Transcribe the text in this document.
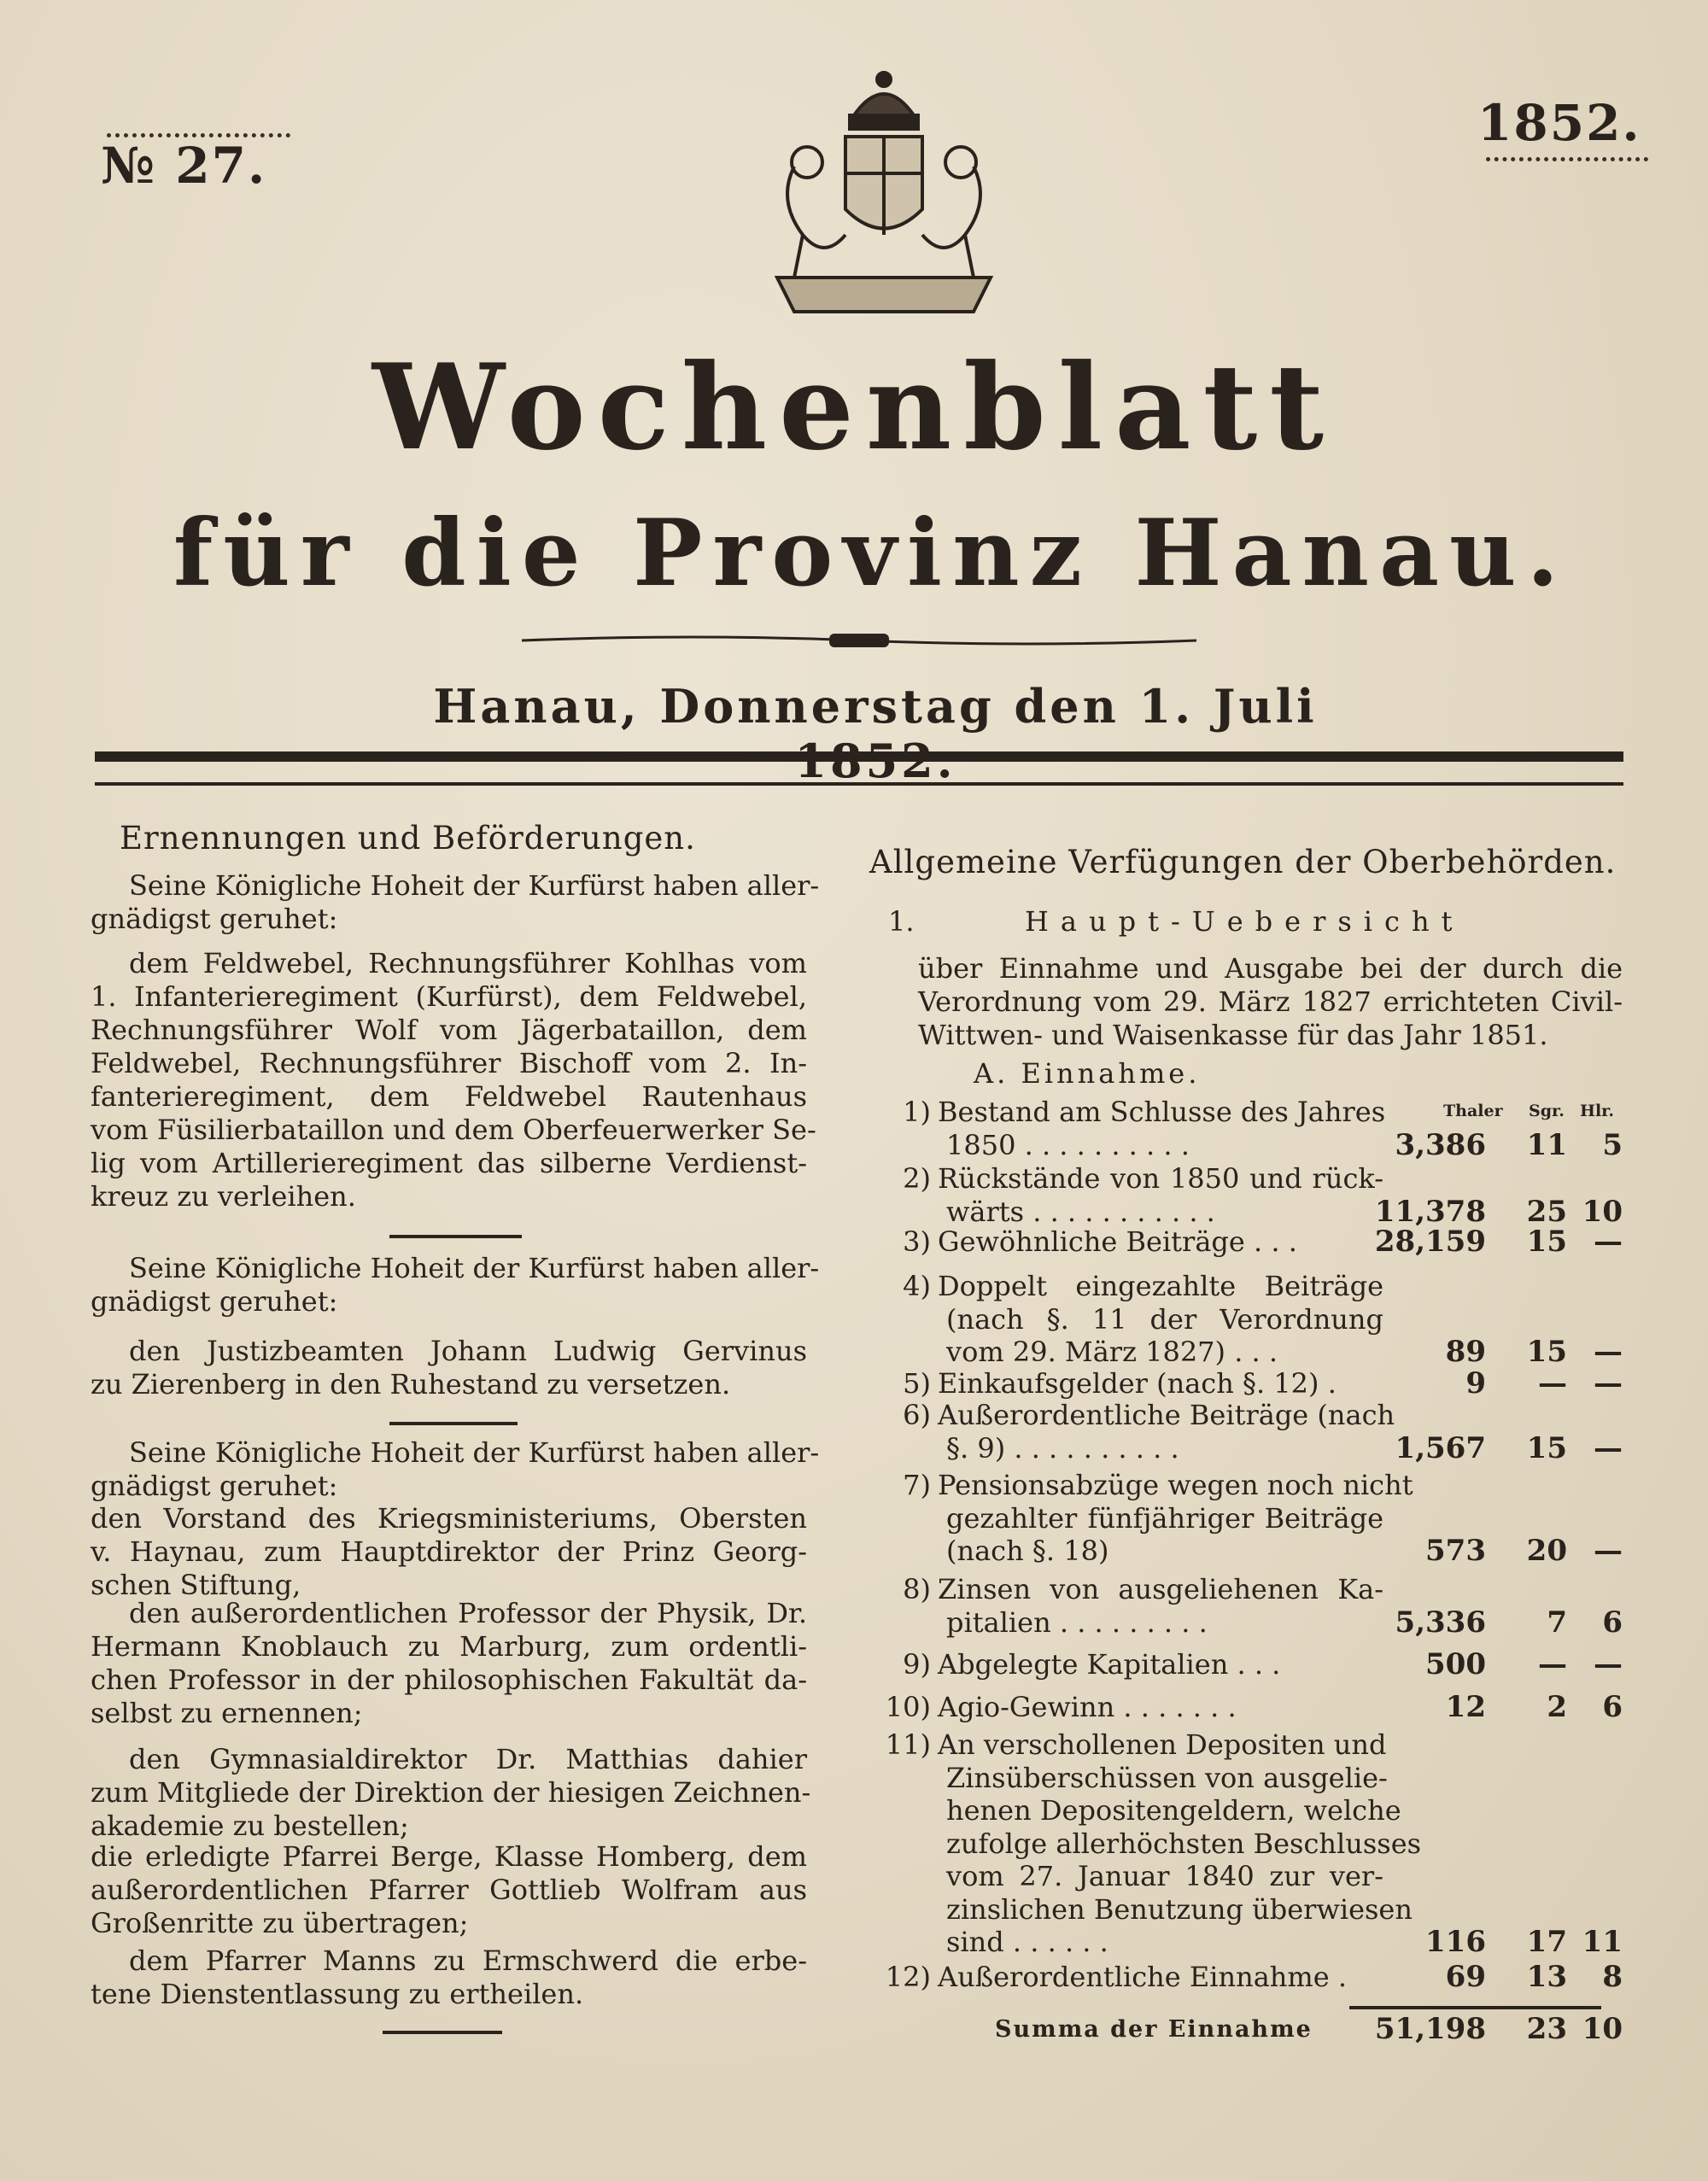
№ 27.
1852.
Wochenblatt
für die Provinz Hanau.
Hanau, Donnerstag den 1. Juli 1852.
Ernennungen und Beförderungen.
Seine Königliche Hoheit der Kurfürst haben aller-
gnädigst geruhet:
dem Feldwebel, Rechnungsführer Kohlhas vom
1. Infanterieregiment (Kurfürst), dem Feldwebel,
Rechnungsführer Wolf vom Jägerbataillon, dem
Feldwebel, Rechnungsführer Bischoff vom 2. In-
fanterieregiment, dem Feldwebel Rautenhaus
vom Füsilierbataillon und dem Oberfeuerwerker Se-
lig vom Artillerieregiment das silberne Verdienst-
kreuz zu verleihen.
Seine Königliche Hoheit der Kurfürst haben aller-
gnädigst geruhet:
den Justizbeamten Johann Ludwig Gervinus
zu Zierenberg in den Ruhestand zu versetzen.
Seine Königliche Hoheit der Kurfürst haben aller-
gnädigst geruhet:
den Vorstand des Kriegsministeriums, Obersten
v. Haynau, zum Hauptdirektor der Prinz Georg-
schen Stiftung,
den außerordentlichen Professor der Physik, Dr.
Hermann Knoblauch zu Marburg, zum ordentli-
chen Professor in der philosophischen Fakultät da-
selbst zu ernennen;
den Gymnasialdirektor Dr. Matthias dahier
zum Mitgliede der Direktion der hiesigen Zeichnen-
akademie zu bestellen;
die erledigte Pfarrei Berge, Klasse Homberg, dem
außerordentlichen Pfarrer Gottlieb Wolfram aus
Großenritte zu übertragen;
dem Pfarrer Manns zu Ermschwerd die erbe-
tene Dienstentlassung zu ertheilen.
Allgemeine Verfügungen der Oberbehörden.
1.	Haupt-Uebersicht
A. Einnahme.
Thaler Sgr. Hlr.
Summa der Einnahme	51,198	23 10
über Einnahme und Ausgabe bei der durch die
Verordnung vom 29. März 1827 errichteten Civil-
Wittwen- und Waisenkasse für das Jahr 1851.
1) Bestand am Schlusse des Jahres
1850 . . . . . . . . . .	3,386	11	5
2) Rückstände von 1850 und rück-
wärts . . . . . . . . . . .	11,378	25 10
3) Gewöhnliche Beiträge . . .	28,159	15 —
4) Doppelt eingezahlte Beiträge
(nach §. 11 der Verordnung
vom 29. März 1827) . . .	89	15 —
5) Einkaufsgelder (nach §. 12) .	9	— —
6) Außerordentliche Beiträge (nach
§. 9) . . . . . . . . . .	1,567	15 —
7) Pensionsabzüge wegen noch nicht
gezahlter fünfjähriger Beiträge
(nach §. 18)	573	20 —
8) Zinsen von ausgeliehenen Ka-
pitalien . . . . . . . . .	5,336	7	6
9) Abgelegte Kapitalien . . .	500	— —
10) Agio-Gewinn . . . . . . .	12	2	6
11) An verschollenen Depositen und
Zinsüberschüssen von ausgelie-
henen Depositengeldern, welche
zufolge allerhöchsten Beschlusses
vom 27. Januar 1840 zur ver-
zinslichen Benutzung überwiesen
sind . . . . . .	116	17 11
12) Außerordentliche Einnahme .	69	13	8
